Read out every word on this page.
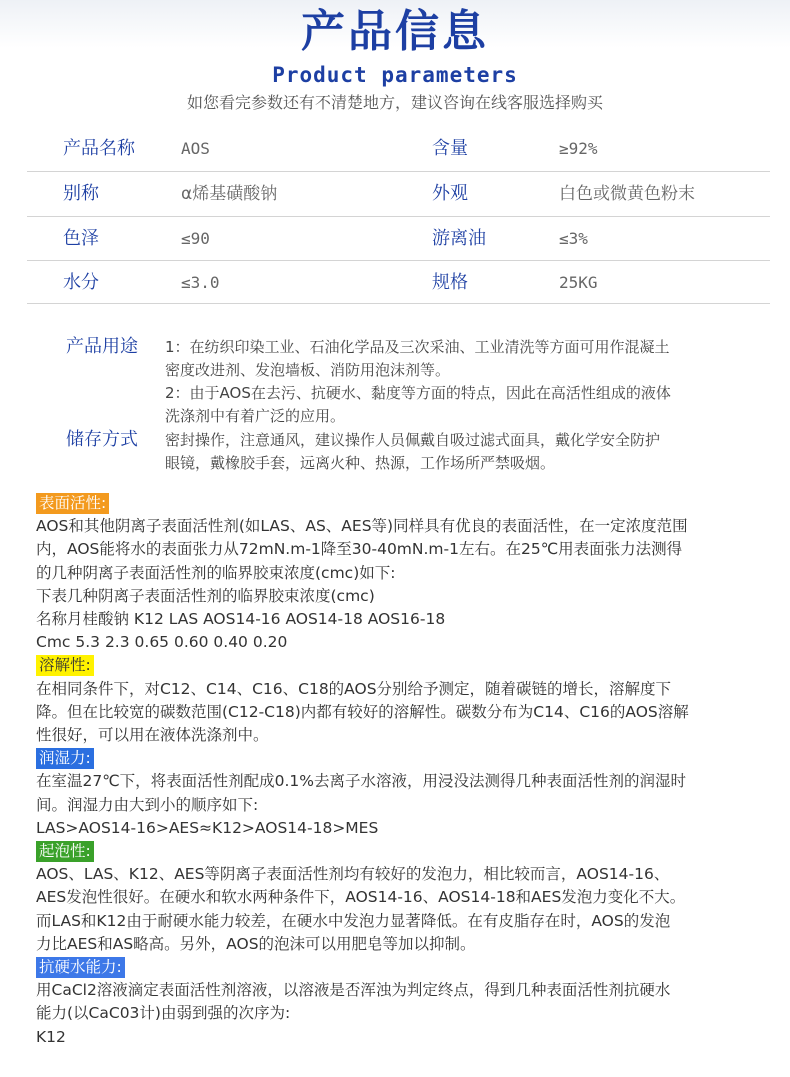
产品信息
Product parameters
如您看完参数还有不清楚地方，建议咨询在线客服选择购买
产品名称	AOS	含量	≥92%
别称	α烯基磺酸钠	外观	白色或微黄色粉末
色泽	≤90	游离油	≤3%
水分	≤3.0	规格	25KG
产品用途 1：在纺织印染工业、石油化学品及三次采油、工业清洗等方面可用作混凝土
密度改进剂、发泡墙板、消防用泡沫剂等。
2：由于AOS在去污、抗硬水、黏度等方面的特点，因此在高活性组成的液体
洗涤剂中有着广泛的应用。
储存方式 密封操作，注意通风，建议操作人员佩戴自吸过滤式面具，戴化学安全防护
眼镜，戴橡胶手套，远离火种、热源，工作场所严禁吸烟。
表面活性:

AOS和其他阴离子表面活性剂(如LAS、AS、AES等)同样具有优良的表面活性，在一定浓度范围

内，AOS能将水的表面张力从72mN.m-1降至30-40mN.m-1左右。在25℃用表面张力法测得

的几种阴离子表面活性剂的临界胶束浓度(cmc)如下:

下表几种阴离子表面活性剂的临界胶束浓度(cmc)

名称月桂酸钠 K12 LAS AOS14-16 AOS14-18 AOS16-18

Cmc 5.3 2.3 0.65 0.60 0.40 0.20

溶解性:

在相同条件下，对C12、C14、C16、C18的AOS分别给予测定，随着碳链的增长，溶解度下

降。但在比较宽的碳数范围(C12-C18)内都有较好的溶解性。碳数分布为C14、C16的AOS溶解

性很好，可以用在液体洗涤剂中。

润湿力:

在室温27℃下，将表面活性剂配成0.1%去离子水溶液，用浸没法测得几种表面活性剂的润湿时

间。润湿力由大到小的顺序如下:

LAS>AOS14-16>AES≈K12>AOS14-18>MES

起泡性:

AOS、LAS、K12、AES等阴离子表面活性剂均有较好的发泡力，相比较而言，AOS14-16、

AES发泡性很好。在硬水和软水两种条件下，AOS14-16、AOS14-18和AES发泡力变化不大。

而LAS和K12由于耐硬水能力较差，在硬水中发泡力显著降低。在有皮脂存在时，AOS的发泡

力比AES和AS略高。另外，AOS的泡沫可以用肥皂等加以抑制。

抗硬水能力:

用CaCl2溶液滴定表面活性剂溶液，以溶液是否浑浊为判定终点，得到几种表面活性剂抗硬水

能力(以CaC03计)由弱到强的次序为:

K12
